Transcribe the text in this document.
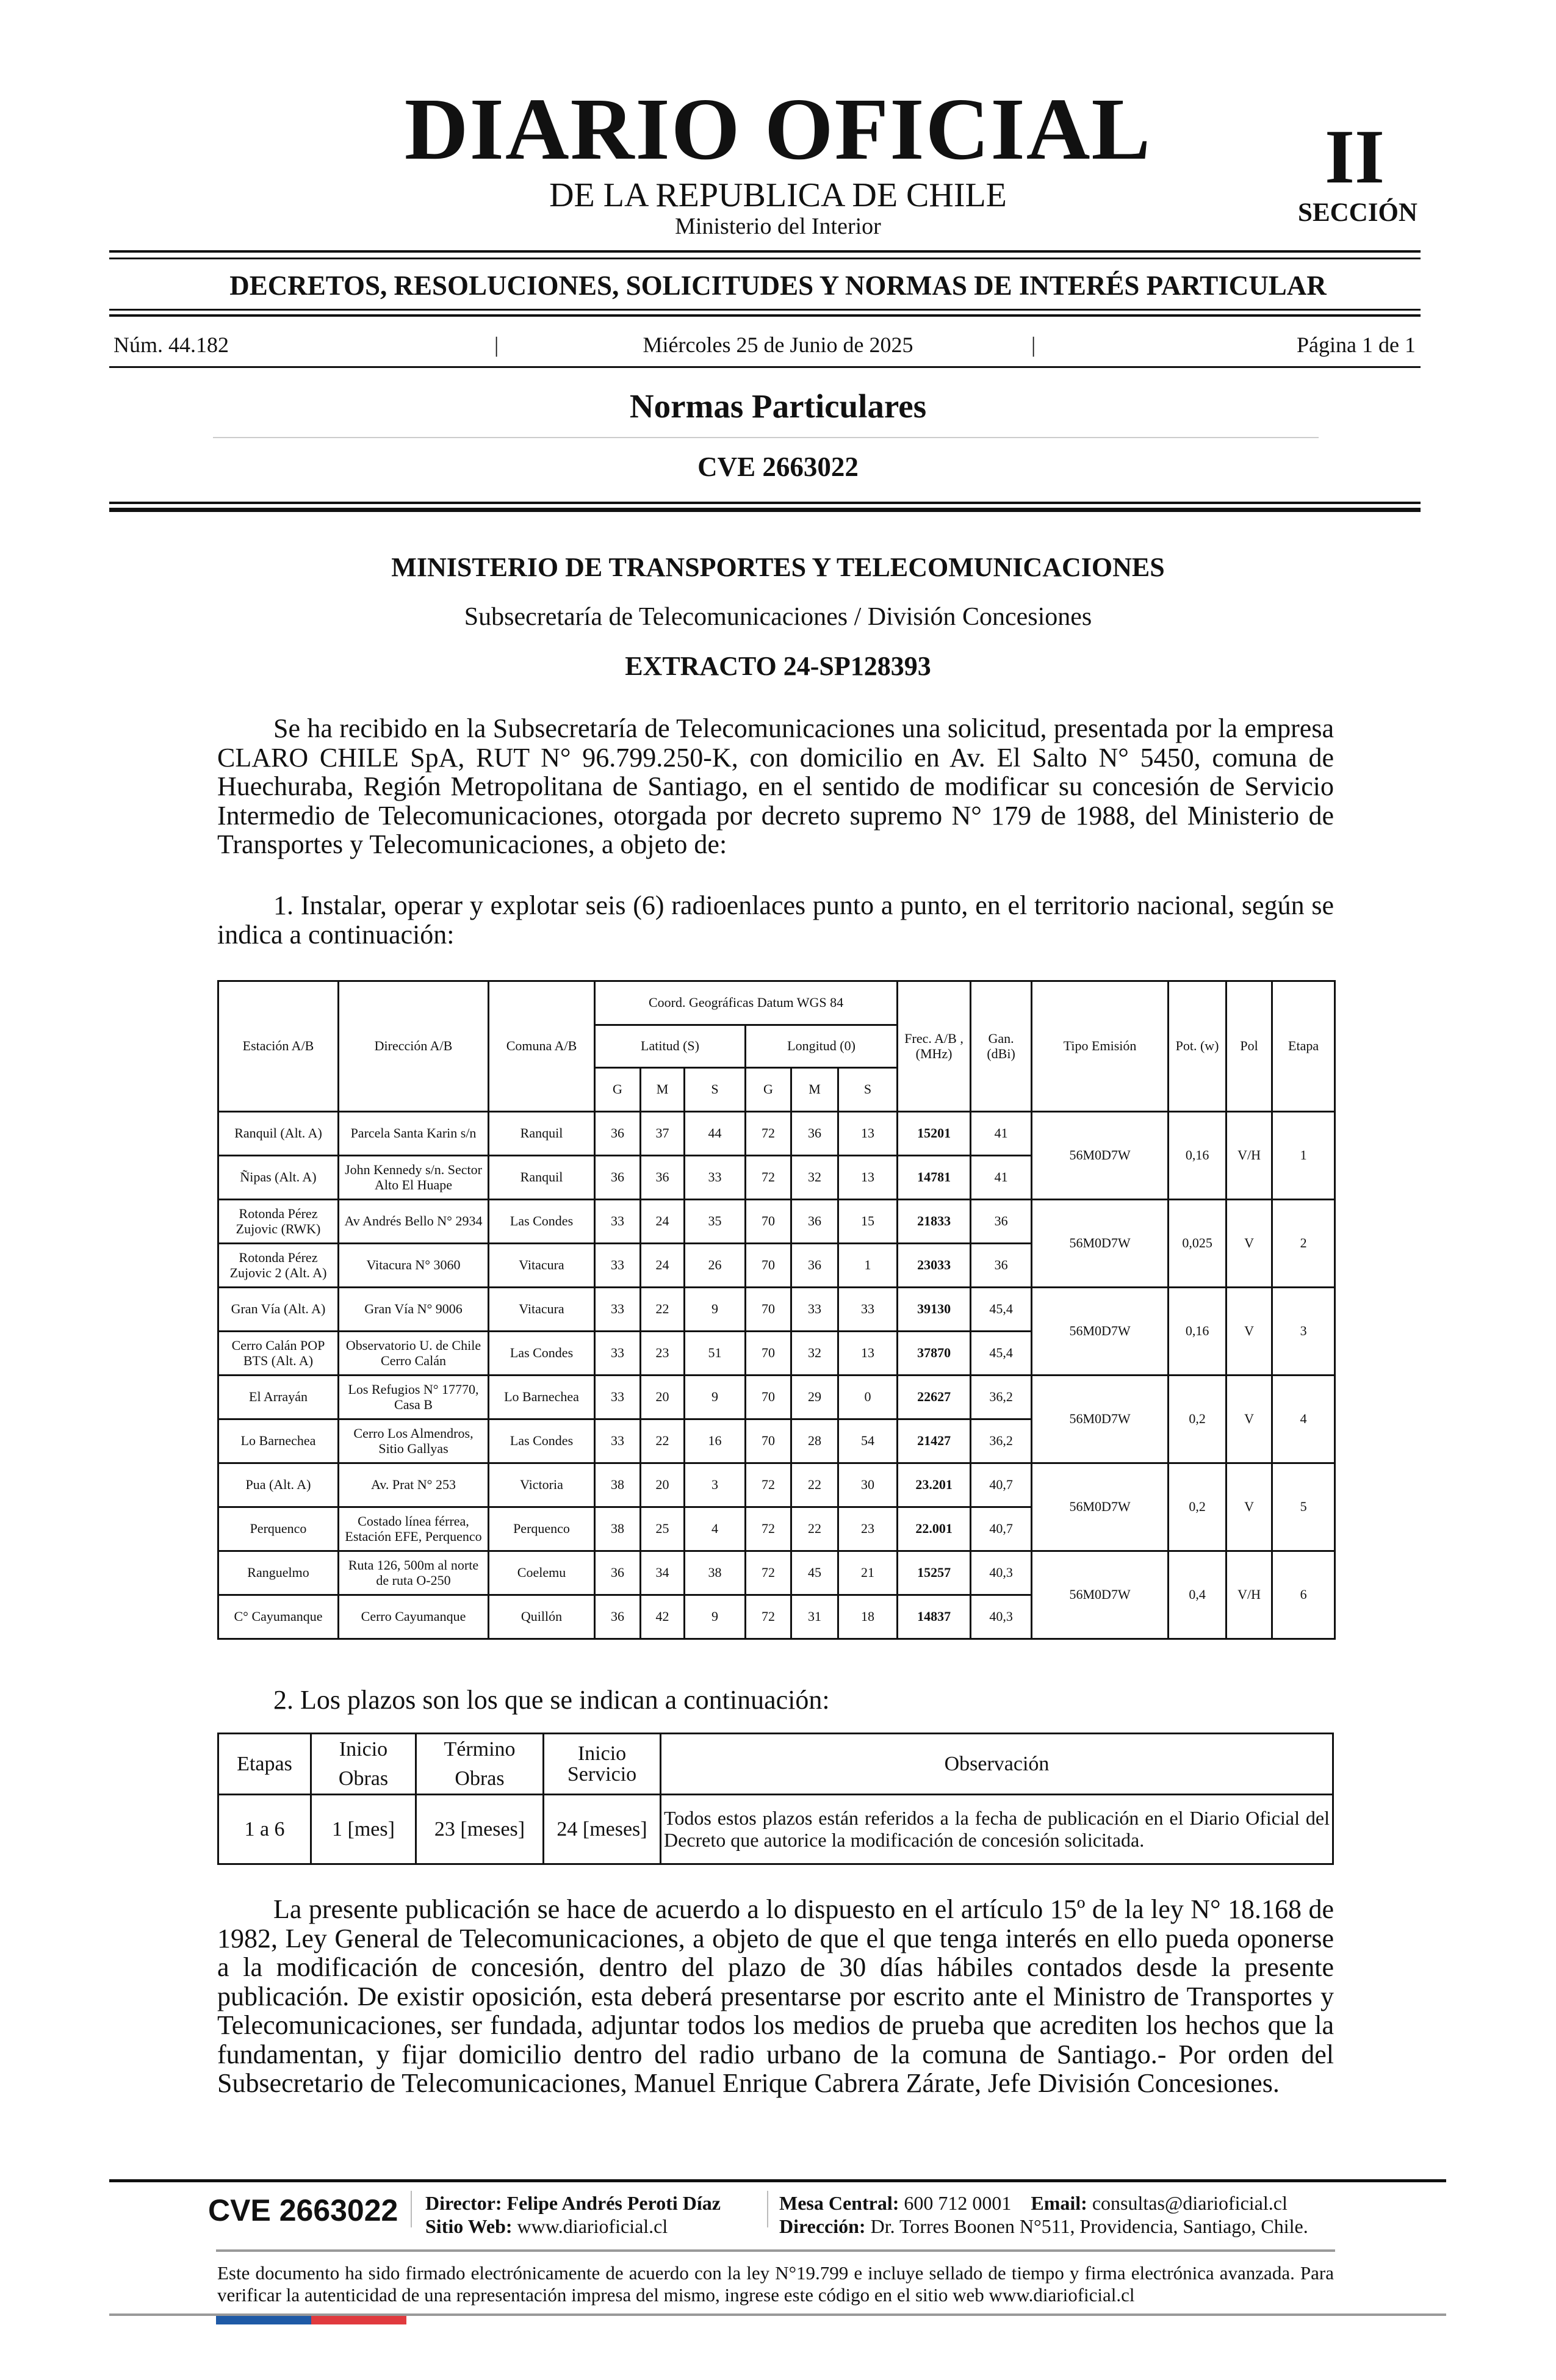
DIARIO OFICIAL
DE LA REPUBLICA DE CHILE
Ministerio del Interior
II
SECCIÓN
DECRETOS, RESOLUCIONES, SOLICITUDES Y NORMAS DE INTERÉS PARTICULAR
Núm. 44.182	|	Miércoles 25 de Junio de 2025	|	Página 1 de 1
Normas Particulares
CVE 2663022
MINISTERIO DE TRANSPORTES Y TELECOMUNICACIONES
Subsecretaría de Telecomunicaciones / División Concesiones
EXTRACTO 24-SP128393
Se ha recibido en la Subsecretaría de Telecomunicaciones una solicitud, presentada por la empresa CLARO CHILE SpA, RUT N° 96.799.250-K, con domicilio en Av. El Salto N° 5450, comuna de Huechuraba, Región Metropolitana de Santiago, en el sentido de modificar su concesión de Servicio Intermedio de Telecomunicaciones, otorgada por decreto supremo N° 179 de 1988, del Ministerio de Transportes y Telecomunicaciones, a objeto de:
1. Instalar, operar y explotar seis (6) radioenlaces punto a punto, en el territorio nacional, según se indica a continuación:
Estación A/B	Dirección A/B	Comuna A/B	Coord. Geográficas Datum WGS 84						Frec. A/B , (MHz)	Gan. (dBi)	Tipo Emisión	Pot. (w)	Pol	Etapa
			Latitud (S)			Longitud (0)								
			G	M	S	G	M	S						
Ranquil (Alt. A)	Parcela Santa Karin s/n	Ranquil	36	37	44	72	36	13	15201	41	56M0D7W	0,16	V/H	1
Ñipas (Alt. A)	John Kennedy s/n. Sector Alto El Huape	Ranquil	36	36	33	72	32	13	14781	41				
Rotonda Pérez Zujovic (RWK)	Av Andrés Bello N° 2934	Las Condes	33	24	35	70	36	15	21833	36	56M0D7W	0,025	V	2
Rotonda Pérez Zujovic 2 (Alt. A)	Vitacura N° 3060	Vitacura	33	24	26	70	36	1	23033	36				
Gran Vía (Alt. A)	Gran Vía N° 9006	Vitacura	33	22	9	70	33	33	39130	45,4	56M0D7W	0,16	V	3
Cerro Calán POP BTS (Alt. A)	Observatorio U. de Chile Cerro Calán	Las Condes	33	23	51	70	32	13	37870	45,4				
El Arrayán	Los Refugios N° 17770, Casa B	Lo Barnechea	33	20	9	70	29	0	22627	36,2	56M0D7W	0,2	V	4
Lo Barnechea	Cerro Los Almendros, Sitio Gallyas	Las Condes	33	22	16	70	28	54	21427	36,2				
Pua (Alt. A)	Av. Prat N° 253	Victoria	38	20	3	72	22	30	23.201	40,7	56M0D7W	0,2	V	5
Perquenco	Costado línea férrea, Estación EFE, Perquenco	Perquenco	38	25	4	72	22	23	22.001	40,7				
Ranguelmo	Ruta 126, 500m al norte de ruta O-250	Coelemu	36	34	38	72	45	21	15257	40,3	56M0D7W	0,4	V/H	6
C° Cayumanque	Cerro Cayumanque	Quillón	36	42	9	72	31	18	14837	40,3				
2. Los plazos son los que se indican a continuación:
Etapas	Inicio Obras	Término Obras	Inicio Servicio	Observación
1 a 6	1 [mes]	23 [meses]	24 [meses]	Todos estos plazos están referidos a la fecha de publicación en el Diario Oficial del Decreto que autorice la modificación de concesión solicitada.
La presente publicación se hace de acuerdo a lo dispuesto en el artículo 15º de la ley N° 18.168 de 1982, Ley General de Telecomunicaciones, a objeto de que el que tenga interés en ello pueda oponerse a la modificación de concesión, dentro del plazo de 30 días hábiles contados desde la presente publicación. De existir oposición, esta deberá presentarse por escrito ante el Ministro de Transportes y Telecomunicaciones, ser fundada, adjuntar todos los medios de prueba que acrediten los hechos que la fundamentan, y fijar domicilio dentro del radio urbano de la comuna de Santiago.- Por orden del Subsecretario de Telecomunicaciones, Manuel Enrique Cabrera Zárate, Jefe División Concesiones.
CVE 2663022 Director: Felipe Andrés Peroti Díaz
Sitio Web: www.diarioficial.cl
Mesa Central: 600 712 0001 Email: consultas@diarioficial.cl
Dirección: Dr. Torres Boonen N°511, Providencia, Santiago, Chile.
Este documento ha sido firmado electrónicamente de acuerdo con la ley N°19.799 e incluye sellado de tiempo y firma electrónica avanzada. Para verificar la autenticidad de una representación impresa del mismo, ingrese este código en el sitio web www.diarioficial.cl
